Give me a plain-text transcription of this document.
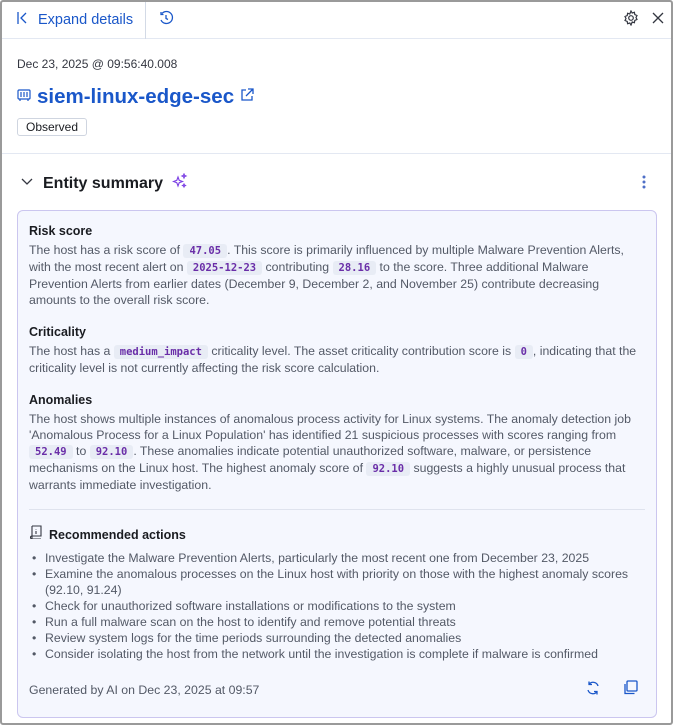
Expand details
Dec 23, 2025 @ 09:56:40.008
siem-linux-edge-sec
Observed
Entity summary
Risk score

The host has a risk score of 47.05 . This score is primarily influenced by multiple Malware Prevention Alerts, with the most recent alert on 2025-12-23 contributing 28.16 to the score. Three additional Malware Prevention Alerts from earlier dates (December 9, December 2, and November 25) contribute decreasing amounts to the overall risk score.

Criticality

The host has a medium_impact criticality level. The asset criticality contribution score is 0 , indicating that the criticality level is not currently affecting the risk score calculation.

Anomalies

The host shows multiple instances of anomalous process activity for Linux systems. The anomaly detection job 'Anomalous Process for a Linux Population' has identified 21 suspicious processes with scores ranging from 52.49 to 92.10 . These anomalies indicate potential unauthorized software, malware, or persistence mechanisms on the Linux host. The highest anomaly score of 92.10 suggests a highly unusual process that warrants immediate investigation.

Recommended actions
• Investigate the Malware Prevention Alerts, particularly the most recent one from December 23, 2025
• Examine the anomalous processes on the Linux host with priority on those with the highest anomaly scores (92.10, 91.24)
• Check for unauthorized software installations or modifications to the system
• Run a full malware scan on the host to identify and remove potential threats
• Review system logs for the time periods surrounding the detected anomalies
• Consider isolating the host from the network until the investigation is complete if malware is confirmed
Generated by AI on Dec 23, 2025 at 09:57
